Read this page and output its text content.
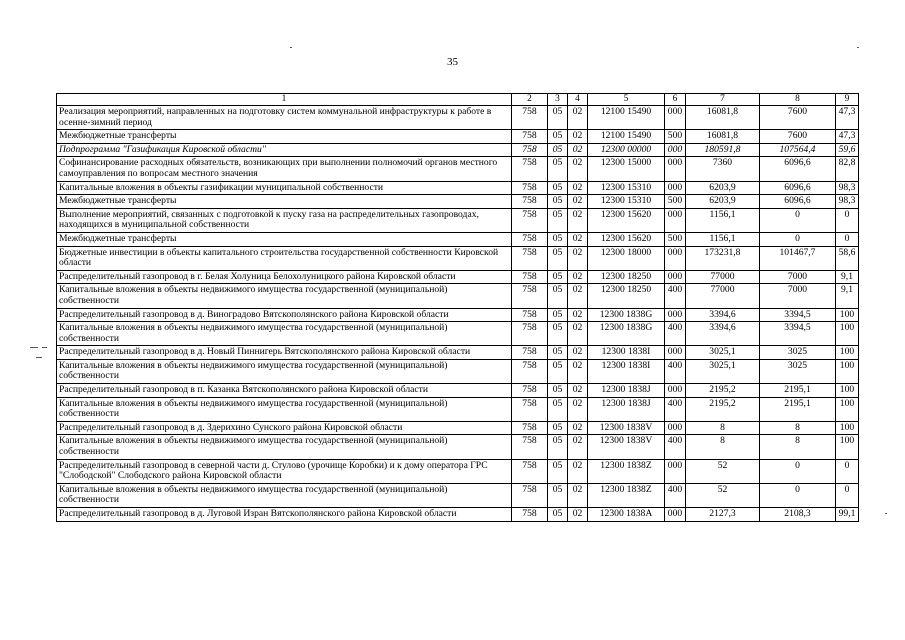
35
1	2	3	4	5	6	7	8	9
Реализация мероприятий, направленных на подготовку систем коммунальной инфраструктуры к работе в осенне-зимний период	758	05	02	12100 15490	000	16081,8	7600	47,3
Межбюджетные трансферты	758	05	02	12100 15490	500	16081,8	7600	47,3
Подпрограмма "Газификация Кировской области"	758	05	02	12300 00000	000	180591,8	107564,4	59,6
Софинансирование расходных обязательств, возникающих при выполнении полномочий органов местного самоуправления по вопросам местного значения	758	05	02	12300 15000	000	7360	6096,6	82,8
Капитальные вложения в объекты газификации муниципальной собственности	758	05	02	12300 15310	000	6203,9	6096,6	98,3
Межбюджетные трансферты	758	05	02	12300 15310	500	6203,9	6096,6	98,3
Выполнение мероприятий, связанных с подготовкой к пуску газа на распределительных газопроводах, находящихся в муниципальной собственности	758	05	02	12300 15620	000	1156,1	0	0
Межбюджетные трансферты	758	05	02	12300 15620	500	1156,1	0	0
Бюджетные инвестиции в объекты капитального строительства государственной собственности Кировской области	758	05	02	12300 18000	000	173231,8	101467,7	58,6
Распределительный газопровод в г. Белая Холуница Белохолуницкого района Кировской области	758	05	02	12300 18250	000	77000	7000	9,1
Капитальные вложения в объекты недвижимого имущества государственной (муниципальной) собственности	758	05	02	12300 18250	400	77000	7000	9,1
Распределительный газопровод в д. Виноградово Вятскополянского района Кировской области	758	05	02	12300 1838G	000	3394,6	3394,5	100
Капитальные вложения в объекты недвижимого имущества государственной (муниципальной) собственности	758	05	02	12300 1838G	400	3394,6	3394,5	100
Распределительный газопровод в д. Новый Пиннигерь Вятскополянского района Кировской области	758	05	02	12300 1838I	000	3025,1	3025	100
Капитальные вложения в объекты недвижимого имущества государственной (муниципальной) собственности	758	05	02	12300 1838I	400	3025,1	3025	100
Распределительный газопровод в п. Казанка Вятскополянского района Кировской области	758	05	02	12300 1838J	000	2195,2	2195,1	100
Капитальные вложения в объекты недвижимого имущества государственной (муниципальной) собственности	758	05	02	12300 1838J	400	2195,2	2195,1	100
Распределительный газопровод в д. Здерихино Сунского района Кировской области	758	05	02	12300 1838V	000	8	8	100
Капитальные вложения в объекты недвижимого имущества государственной (муниципальной) собственности	758	05	02	12300 1838V	400	8	8	100
Распределительный газопровод в северной части д. Стулово (урочище Коробки) и к дому оператора ГРС "Слободской" Слободского района Кировской области	758	05	02	12300 1838Z	000	52	0	0
Капитальные вложения в объекты недвижимого имущества государственной (муниципальной) собственности	758	05	02	12300 1838Z	400	52	0	0
Распределительный газопровод в д. Луговой Изран Вятскополянского района Кировской области	758	05	02	12300 1838A	000	2127,3	2108,3	99,1
